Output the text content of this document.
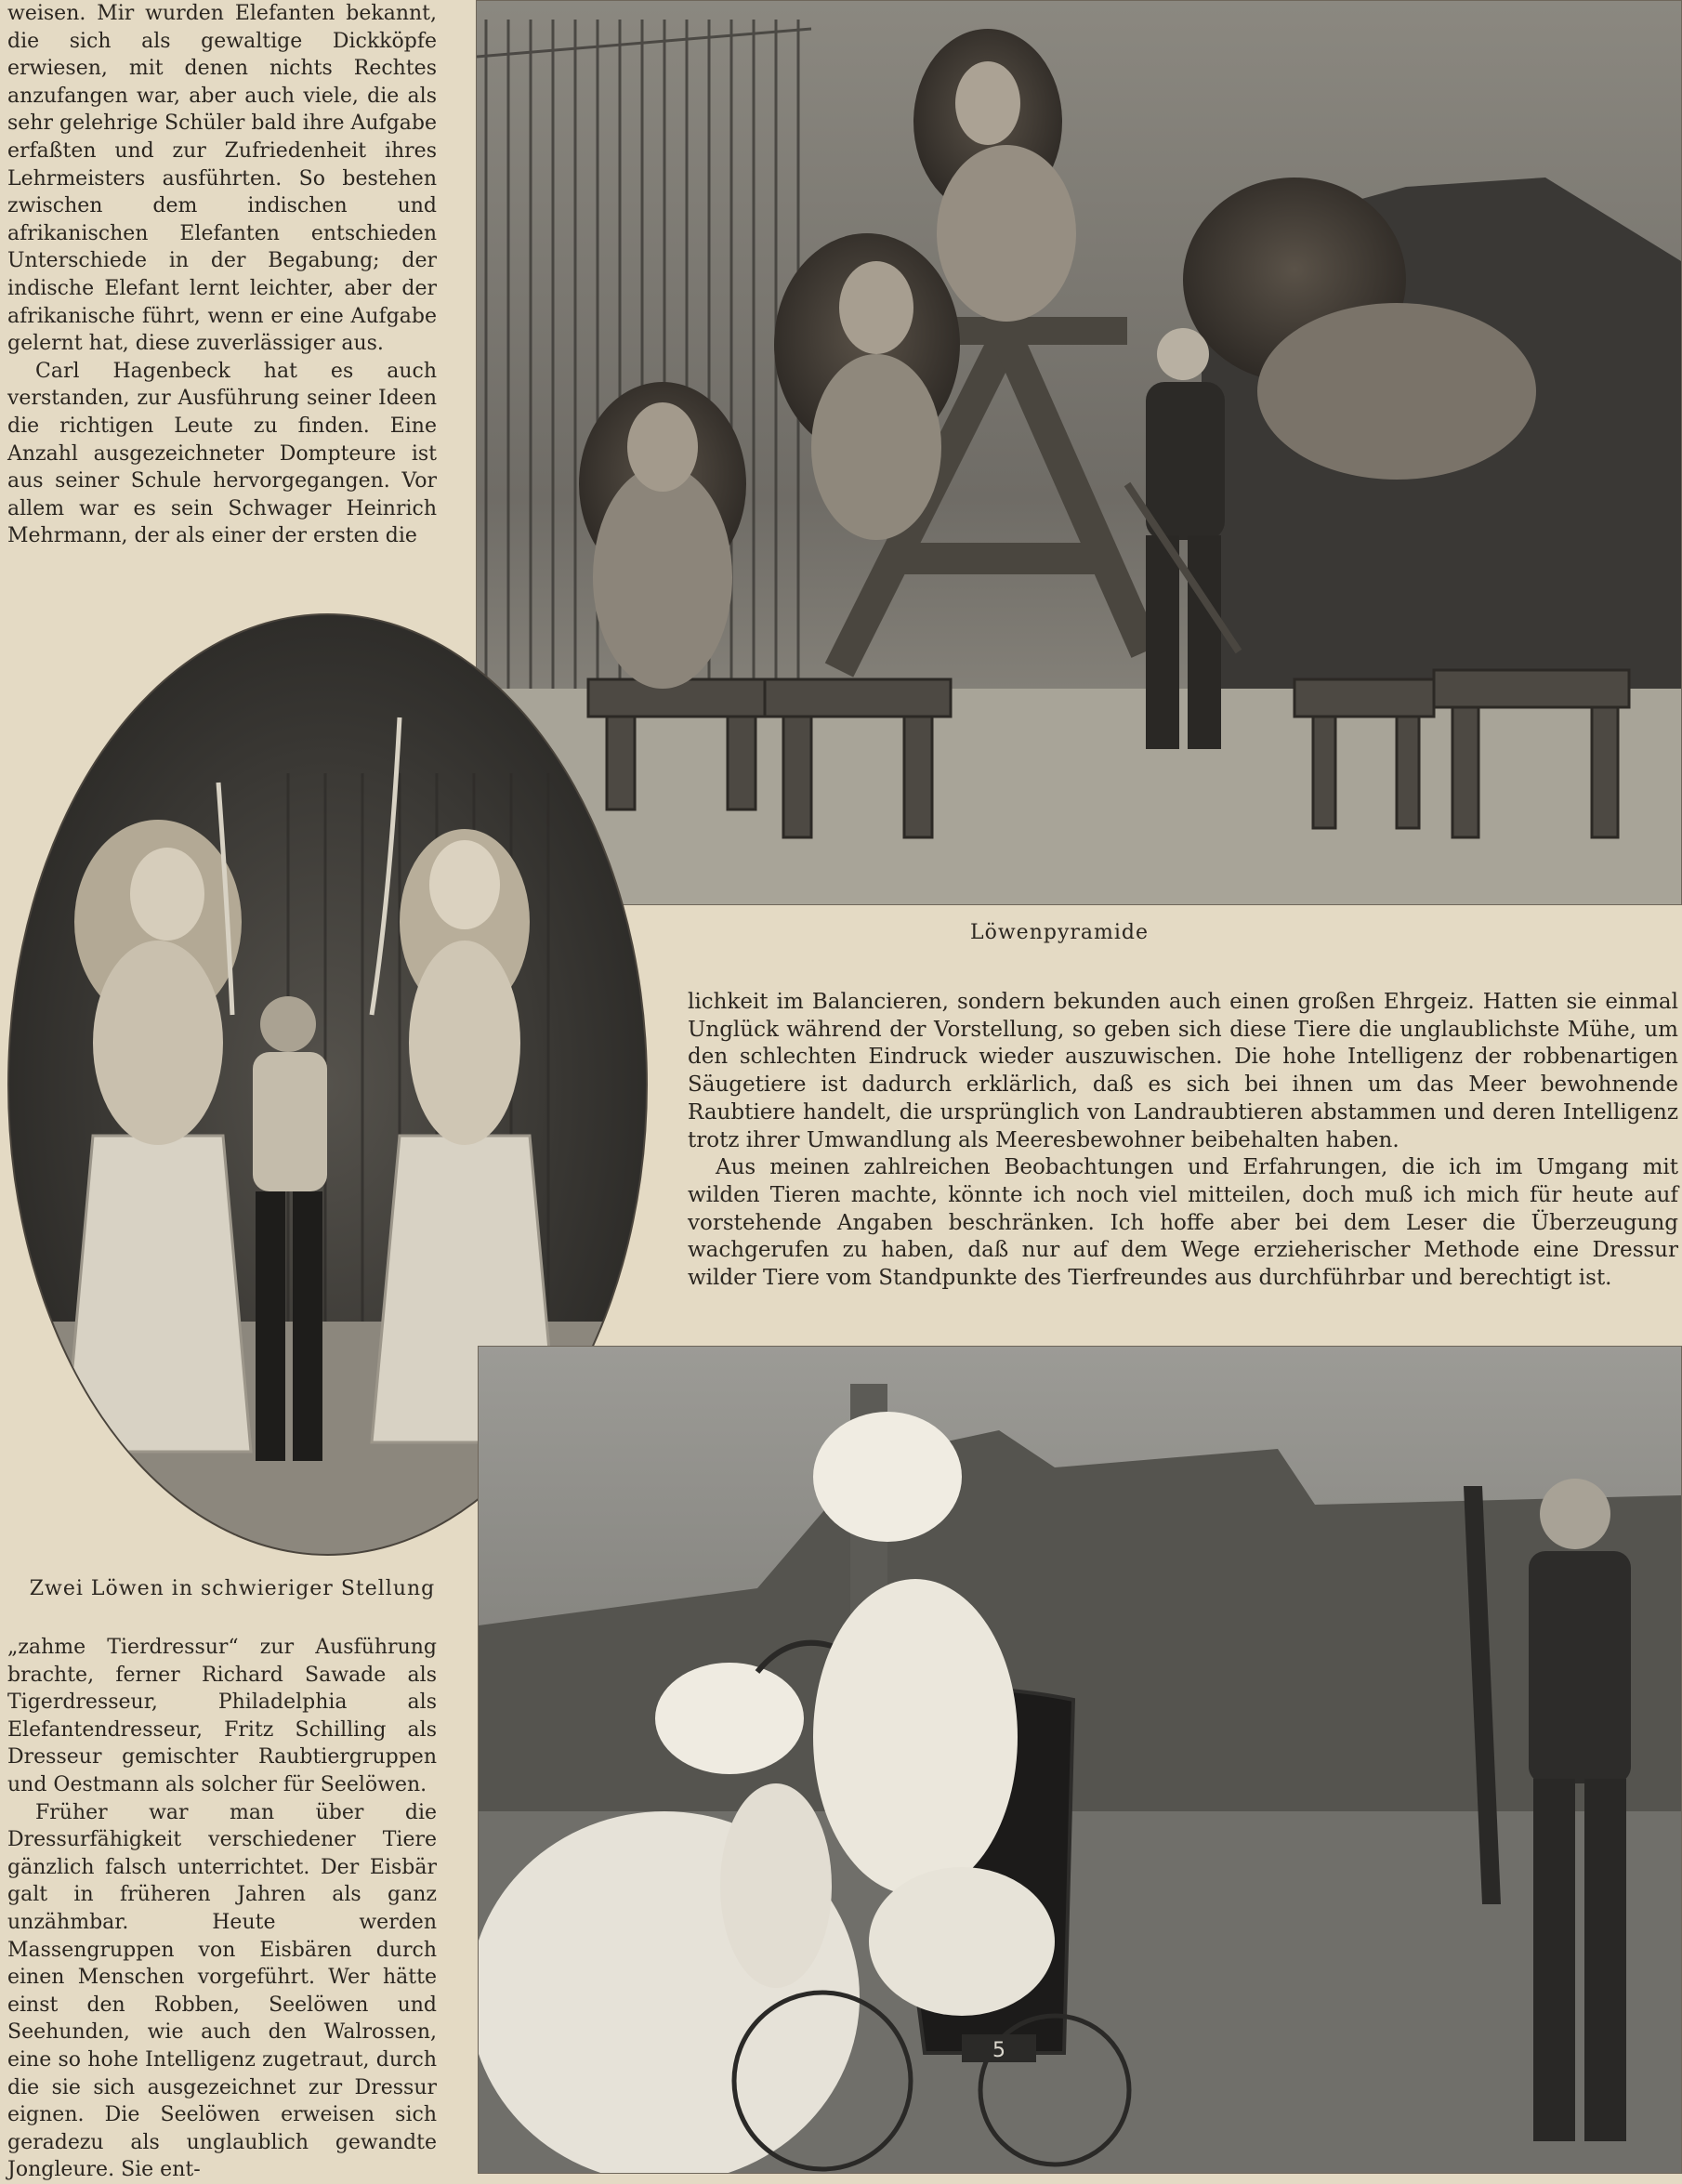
weisen. Mir wurden Elefanten bekannt, die sich als gewaltige Dickköpfe erwiesen, mit denen nichts Rechtes anzufangen war, aber auch viele, die als sehr gelehrige Schüler bald ihre Aufgabe erfaßten und zur Zufriedenheit ihres Lehrmeisters ausführten. So bestehen zwischen dem indischen und afrikanischen Elefanten entschieden Unterschiede in der Begabung; der indische Elefant lernt leichter, aber der afrikanische führt, wenn er eine Aufgabe gelernt hat, diese zuverlässiger aus.

Carl Hagenbeck hat es auch verstanden, zur Ausführung seiner Ideen die richtigen Leute zu finden. Eine Anzahl ausgezeichneter Dompteure ist aus seiner Schule hervorgegangen. Vor allem war es sein Schwager Heinrich Mehrmann, der als einer der ersten die

Löwenpyramide
Zwei Löwen in schwieriger Stellung

lichkeit im Balancieren, sondern bekunden auch einen großen Ehrgeiz. Hatten sie einmal Unglück während der Vorstellung, so geben sich diese Tiere die unglaublichste Mühe, um den schlechten Eindruck wieder auszuwischen. Die hohe Intelligenz der robbenartigen Säugetiere ist dadurch erklärlich, daß es sich bei ihnen um das Meer bewohnende Raubtiere handelt, die ursprünglich von Landraubtieren abstammen und deren Intelligenz trotz ihrer Umwandlung als Meeresbewohner beibehalten haben.

Aus meinen zahlreichen Beobachtungen und Erfahrungen, die ich im Umgang mit wilden Tieren machte, könnte ich noch viel mitteilen, doch muß ich mich für heute auf vorstehende Angaben beschränken. Ich hoffe aber bei dem Leser die Überzeugung wachgerufen zu haben, daß nur auf dem Wege erzieherischer Methode eine Dressur wilder Tiere vom Standpunkte des Tierfreundes aus durchführbar und berechtigt ist.

5

„zahme Tierdressur“ zur Ausführung brachte, ferner Richard Sawade als Tigerdresseur, Philadelphia als Elefantendresseur, Fritz Schilling als Dresseur gemischter Raubtiergruppen und Oestmann als solcher für Seelöwen.

Früher war man über die Dressurfähigkeit verschiedener Tiere gänzlich falsch unterrichtet. Der Eisbär galt in früheren Jahren als ganz unzähmbar. Heute werden Massengruppen von Eisbären durch einen Menschen vorgeführt. Wer hätte einst den Robben, Seelöwen und Seehunden, wie auch den Walrossen, eine so hohe Intelligenz zugetraut, durch die sie sich ausgezeichnet zur Dressur eignen. Die Seelöwen erweisen sich geradezu als unglaublich gewandte Jongleure. Sie ent-
